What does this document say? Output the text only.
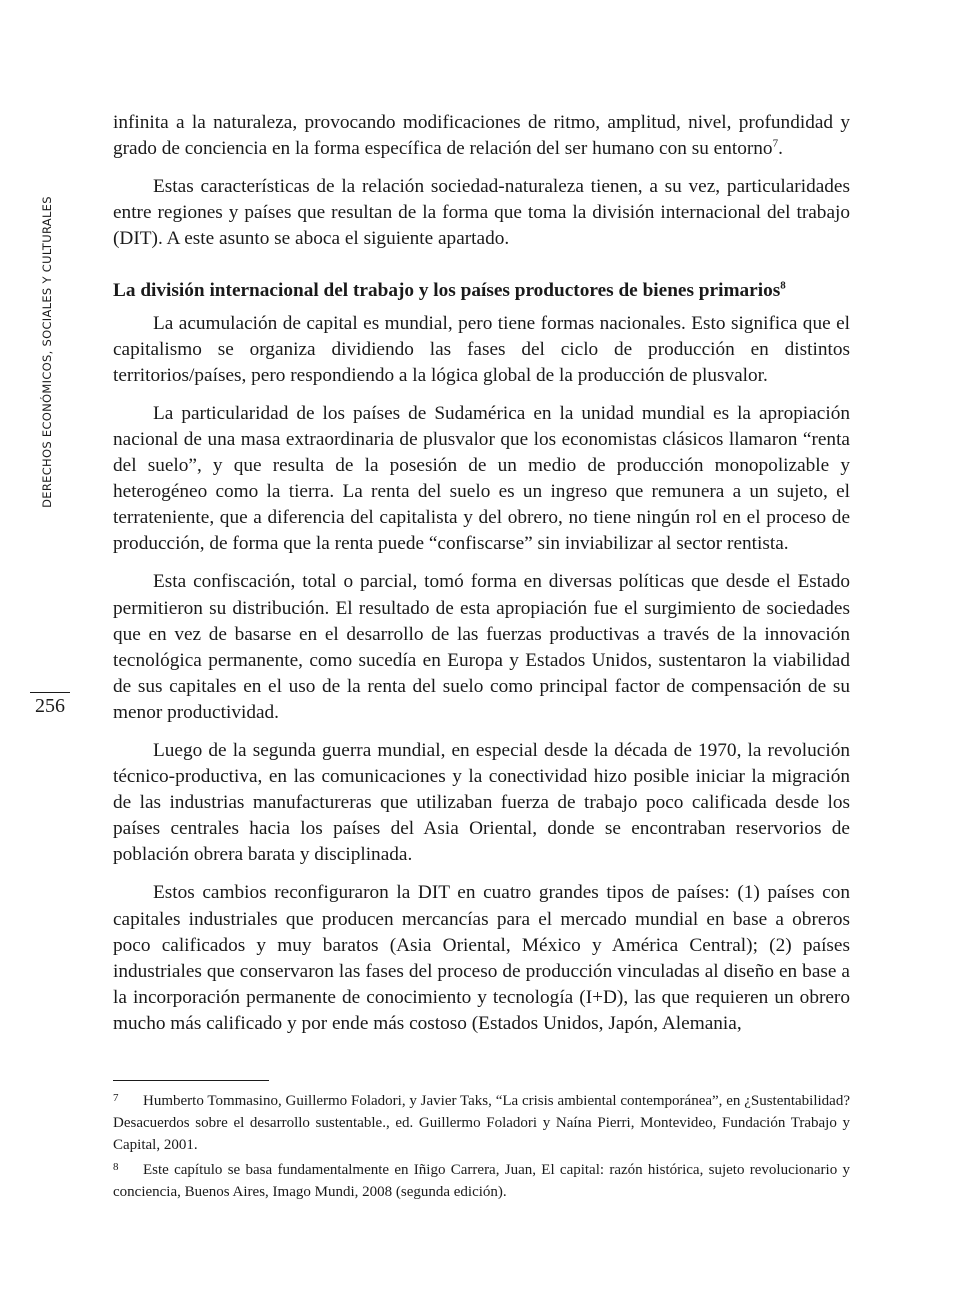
DERECHOS ECONÓMICOS, SOCIALES Y CULTURALES
256

infinita a la naturaleza, provocando modificaciones de ritmo, amplitud, nivel, profundidad y grado de conciencia en la forma específica de relación del ser humano con su entorno$^7$.

Estas características de la relación sociedad-naturaleza tienen, a su vez, particularidades entre regiones y países que resultan de la forma que toma la división internacional del trabajo (DIT). A este asunto se aboca el siguiente apartado.

La división internacional del trabajo y los países productores de bienes primarios$^8$

La acumulación de capital es mundial, pero tiene formas nacionales. Esto significa que el capitalismo se organiza dividiendo las fases del ciclo de producción en distintos territorios/países, pero respondiendo a la lógica global de la producción de plusvalor.

La particularidad de los países de Sudamérica en la unidad mundial es la apropiación nacional de una masa extraordinaria de plusvalor que los economistas clásicos llamaron “renta del suelo”, y que resulta de la posesión de un medio de producción monopolizable y heterogéneo como la tierra. La renta del suelo es un ingreso que remunera a un sujeto, el terrateniente, que a diferencia del capitalista y del obrero, no tiene ningún rol en el proceso de producción, de forma que la renta puede “confiscarse” sin inviabilizar al sector rentista.

Esta confiscación, total o parcial, tomó forma en diversas políticas que desde el Estado permitieron su distribución. El resultado de esta apropiación fue el surgimiento de sociedades que en vez de basarse en el desarrollo de las fuerzas productivas a través de la innovación tecnológica permanente, como sucedía en Europa y Estados Unidos, sustentaron la viabilidad de sus capitales en el uso de la renta del suelo como principal factor de compensación de su menor productividad.

Luego de la segunda guerra mundial, en especial desde la década de 1970, la revolución técnico-productiva, en las comunicaciones y la conectividad hizo posible iniciar la migración de las industrias manufactureras que utilizaban fuerza de trabajo poco calificada desde los países centrales hacia los países del Asia Oriental, donde se encontraban reservorios de población obrera barata y disciplinada.

Estos cambios reconfiguraron la DIT en cuatro grandes tipos de países: (1) países con capitales industriales que producen mercancías para el mercado mundial en base a obreros poco calificados y muy baratos (Asia Oriental, México y América Central); (2) países industriales que conservaron las fases del proceso de producción vinculadas al diseño en base a la incorporación permanente de conocimiento y tecnología (I+D), las que requieren un obrero mucho más calificado y por ende más costoso (Estados Unidos, Japón, Alemania,

7 Humberto Tommasino, Guillermo Foladori, y Javier Taks, “La crisis ambiental contemporánea”, en ¿Sustentabilidad? Desacuerdos sobre el desarrollo sustentable., ed. Guillermo Foladori y Naína Pierri, Montevideo, Fundación Trabajo y Capital, 2001.

8 Este capítulo se basa fundamentalmente en Iñigo Carrera, Juan, El capital: razón histórica, sujeto revolucionario y conciencia, Buenos Aires, Imago Mundi, 2008 (segunda edición).
